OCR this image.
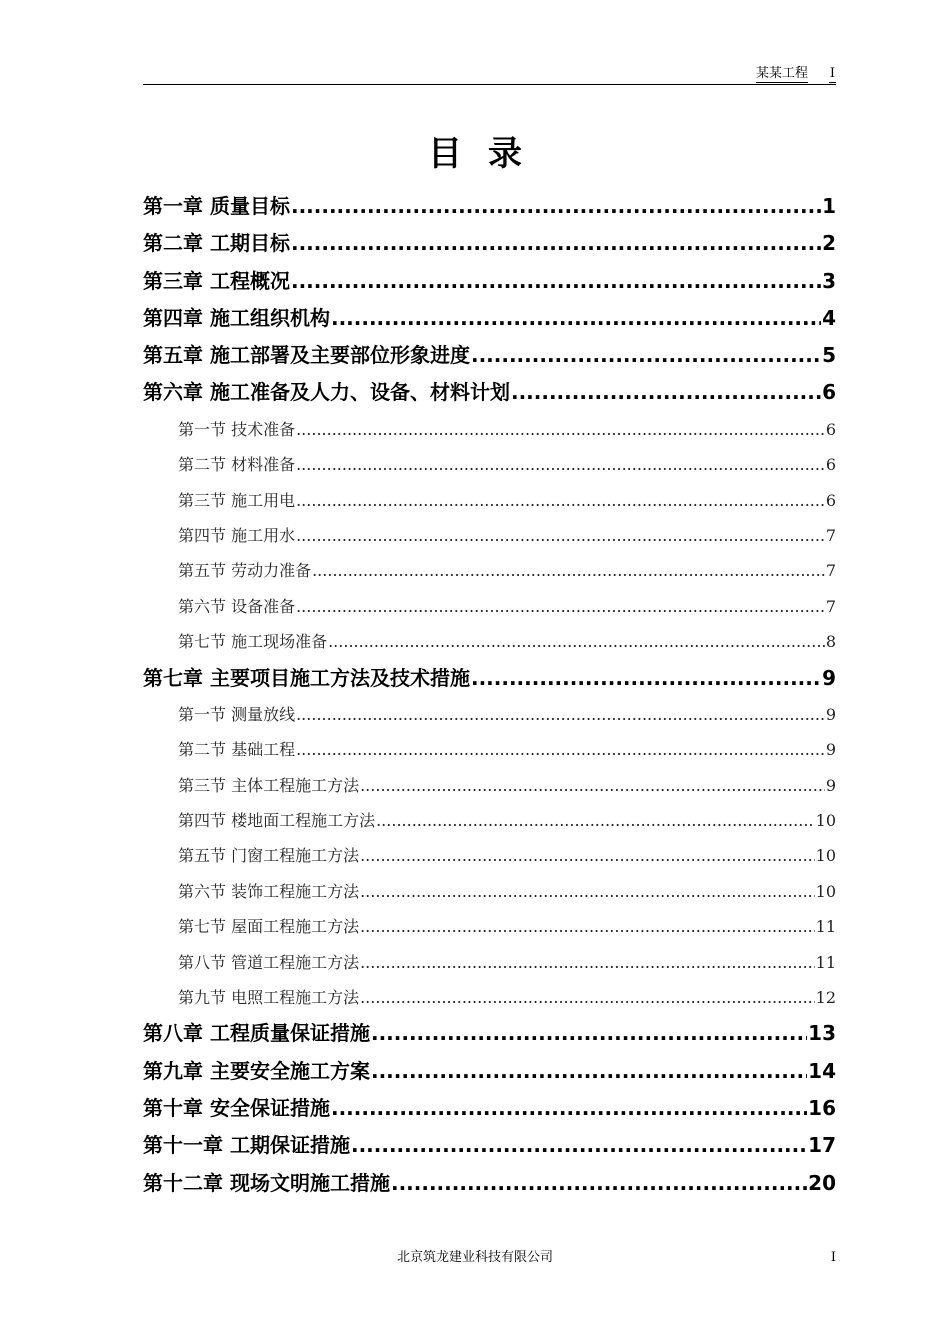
某某工程 I
目录
第一章 质量目标 .....	1
第二章 工期目标 .....	2
第三章 工程概况 .....	3
第四章 施工组织机构 .....	4
第五章 施工部署及主要部位形象进度 .....	5
第六章 施工准备及人力、设备、材料计划 .....	6
第一节 技术准备 .....	6
第二节 材料准备 .....	6
第三节 施工用电 .....	6
第四节 施工用水 .....	7
第五节 劳动力准备 .....	7
第六节 设备准备 .....	7
第七节 施工现场准备 .....	8
第七章 主要项目施工方法及技术措施 .....	9
第一节 测量放线 .....	9
第二节 基础工程 .....	9
第三节 主体工程施工方法 .....	9
第四节 楼地面工程施工方法 .....	10
第五节 门窗工程施工方法 .....	10
第六节 装饰工程施工方法 .....	10
第七节 屋面工程施工方法 .....	11
第八节 管道工程施工方法 .....	11
第九节 电照工程施工方法 .....	12
第八章 工程质量保证措施 .....	13
第九章 主要安全施工方案 .....	14
第十章 安全保证措施 .....	16
第十一章 工期保证措施 .....	17
第十二章 现场文明施工措施 .....	20
北京筑龙建业科技有限公司	I
